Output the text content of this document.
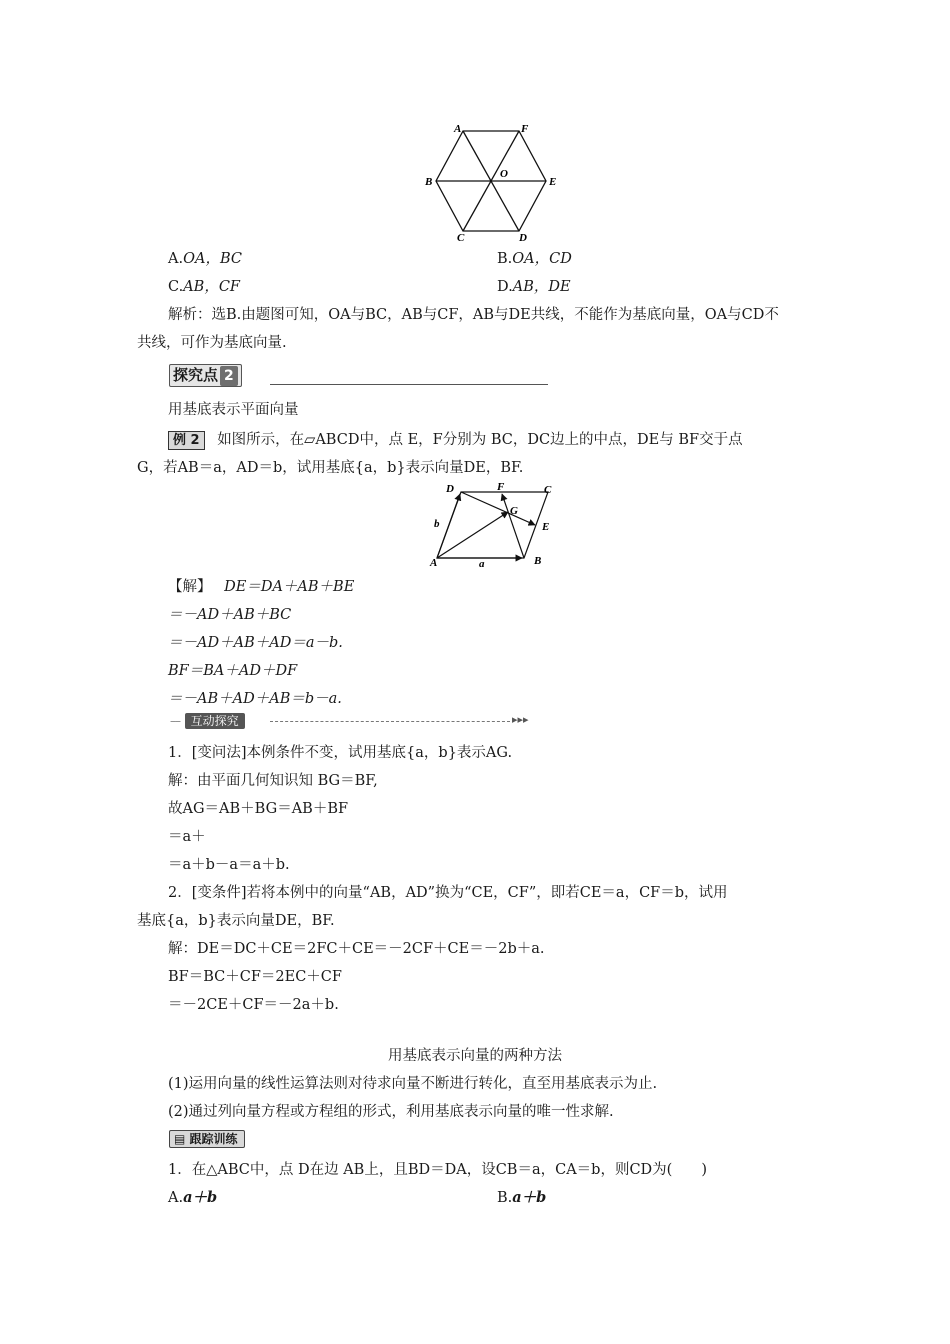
A	F
B
O
E
C	D
A.OA，BC	B.OA，CD
C.AB，CF	D.AB，DE
解析：选B.由题图可知，OA与BC，AB与CF，AB与DE共线，不能作为基底向量，OA与CD不
共线，可作为基底向量.
探究点 2
用基底表示平面向量
例 2 如图所示，在▱ABCD中，点 E，F分别为 BC，DC边上的中点，DE与 BF交于点
G，若AB＝a，AD＝b，试用基底{a，b}表示向量DE，BF.
D	F	C
G
E
b
A	a	B
【解】 DE＝DA＋AB＋BE
＝－AD＋AB＋BC
＝－AD＋AB＋AD＝a－b.
BF＝BA＋AD＋DF
＝－AB＋AD＋AB＝b－a.
–– 互动探究	▸▸▸
1．[变问法]本例条件不变，试用基底{a，b}表示AG.
解：由平面几何知识知 BG＝BF,
故AG＝AB＋BG＝AB＋BF
＝a＋
＝a＋b－a＝a＋b.
2．[变条件]若将本例中的向量“AB，AD”换为“CE，CF”，即若CE＝a，CF＝b，试用
基底{a，b}表示向量DE，BF.
解：DE＝DC＋CE＝2FC＋CE＝－2CF＋CE＝－2b＋a.
BF＝BC＋CF＝2EC＋CF
＝－2CE＋CF＝－2a＋b.
用基底表示向量的两种方法
(1)运用向量的线性运算法则对待求向量不断进行转化，直至用基底表示为止.
(2)通过列向量方程或方程组的形式，利用基底表示向量的唯一性求解.
▤ 跟踪训练
1．在△ABC中，点 D在边 AB上，且BD＝DA，设CB＝a，CA＝b，则CD为(　　)
A.a＋b	B.a＋b
